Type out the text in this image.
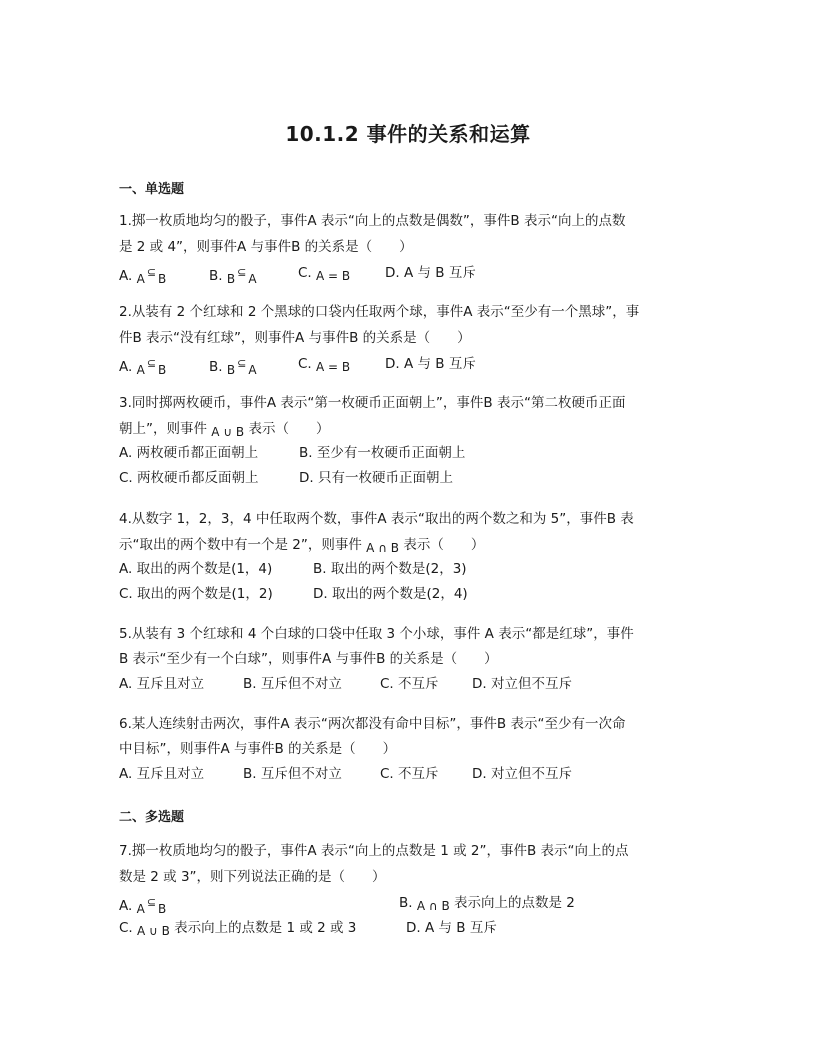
10.1.2 事件的关系和运算
一、单选题
1.掷一枚质地均匀的骰子，事件A 表示“向上的点数是偶数”，事件B 表示“向上的点数
是 2 或 4”，则事件A 与事件B 的关系是（　　）
A. A ⊆ B	B. B ⊆ A	C. A = B	D. A 与 B 互斥
2.从装有 2 个红球和 2 个黑球的口袋内任取两个球，事件A 表示“至少有一个黑球”，事
件B 表示“没有红球”，则事件A 与事件B 的关系是（　　）
A. A ⊆ B	B. B ⊆ A	C. A = B	D. A 与 B 互斥
3.同时掷两枚硬币，事件A 表示“第一枚硬币正面朝上”，事件B 表示“第二枚硬币正面
朝上”，则事件 A ∪ B 表示（　　）
A. 两枚硬币都正面朝上	B. 至少有一枚硬币正面朝上
C. 两枚硬币都反面朝上	D. 只有一枚硬币正面朝上
4.从数字 1，2，3，4 中任取两个数，事件A 表示“取出的两个数之和为 5”，事件B 表
示“取出的两个数中有一个是 2”，则事件 A ∩ B 表示（　　）
A. 取出的两个数是(1，4)	B. 取出的两个数是(2，3)
C. 取出的两个数是(1，2)	D. 取出的两个数是(2，4)
5.从装有 3 个红球和 4 个白球的口袋中任取 3 个小球，事件 A 表示“都是红球”，事件
B 表示“至少有一个白球”，则事件A 与事件B 的关系是（　　）
A. 互斥且对立	B. 互斥但不对立	C. 不互斥 D. 对立但不互斥
6.某人连续射击两次，事件A 表示“两次都没有命中目标”，事件B 表示“至少有一次命
中目标”，则事件A 与事件B 的关系是（　　）
A. 互斥且对立	B. 互斥但不对立	C. 不互斥 D. 对立但不互斥
二、多选题
7.掷一枚质地均匀的骰子，事件A 表示“向上的点数是 1 或 2”，事件B 表示“向上的点
数是 2 或 3”，则下列说法正确的是（　　）
A. A ⊆ B	B. A ∩ B 表示向上的点数是 2
C. A ∪ B 表示向上的点数是 1 或 2 或 3	D. A 与 B 互斥
